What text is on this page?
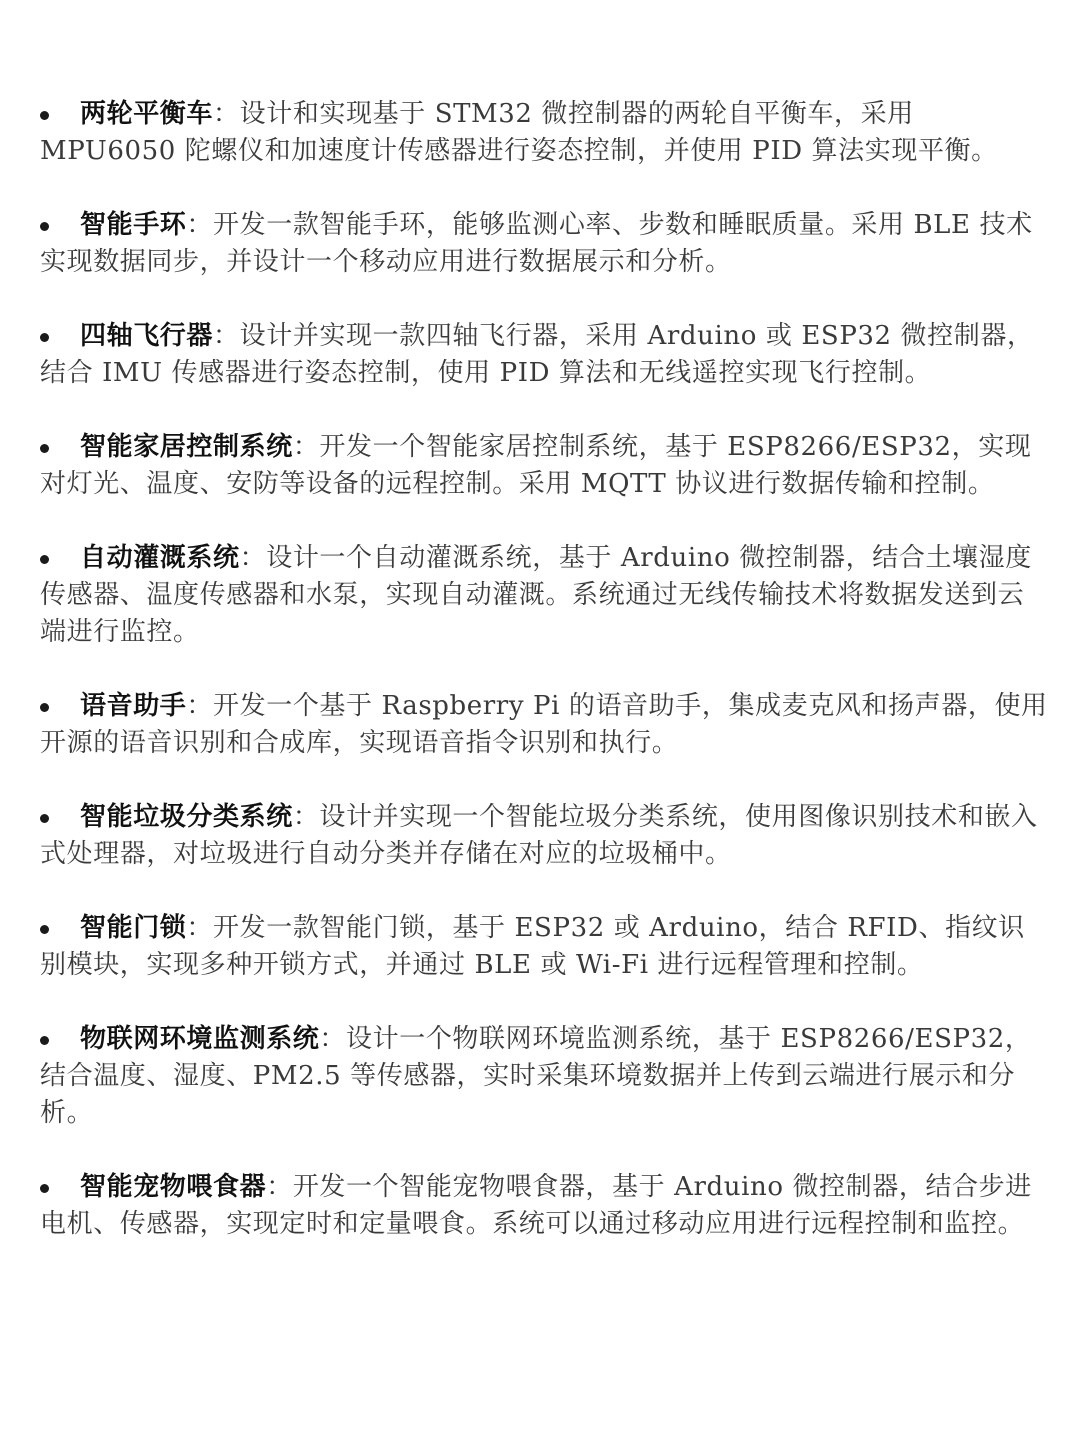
两轮平衡车：设计和实现基于 STM32 微控制器的两轮自平衡车，采用 MPU6050 陀螺仪和加速度计传感器进行姿态控制，并使用 PID 算法实现平衡。
智能手环：开发一款智能手环，能够监测心率、步数和睡眠质量。采用 BLE 技术实现数据同步，并设计一个移动应用进行数据展示和分析。
四轴飞行器：设计并实现一款四轴飞行器，采用 Arduino 或 ESP32 微控制器，结合 IMU 传感器进行姿态控制，使用 PID 算法和无线遥控实现飞行控制。
智能家居控制系统：开发一个智能家居控制系统，基于 ESP8266/ESP32，实现对灯光、温度、安防等设备的远程控制。采用 MQTT 协议进行数据传输和控制。
自动灌溉系统：设计一个自动灌溉系统，基于 Arduino 微控制器，结合土壤湿度传感器、温度传感器和水泵，实现自动灌溉。系统通过无线传输技术将数据发送到云端进行监控。
语音助手：开发一个基于 Raspberry Pi 的语音助手，集成麦克风和扬声器，使用开源的语音识别和合成库，实现语音指令识别和执行。
智能垃圾分类系统：设计并实现一个智能垃圾分类系统，使用图像识别技术和嵌入式处理器，对垃圾进行自动分类并存储在对应的垃圾桶中。
智能门锁：开发一款智能门锁，基于 ESP32 或 Arduino，结合 RFID、指纹识别模块，实现多种开锁方式，并通过 BLE 或 Wi-Fi 进行远程管理和控制。
物联网环境监测系统：设计一个物联网环境监测系统，基于 ESP8266/ESP32，结合温度、湿度、PM2.5 等传感器，实时采集环境数据并上传到云端进行展示和分析。
智能宠物喂食器：开发一个智能宠物喂食器，基于 Arduino 微控制器，结合步进电机、传感器，实现定时和定量喂食。系统可以通过移动应用进行远程控制和监控。
